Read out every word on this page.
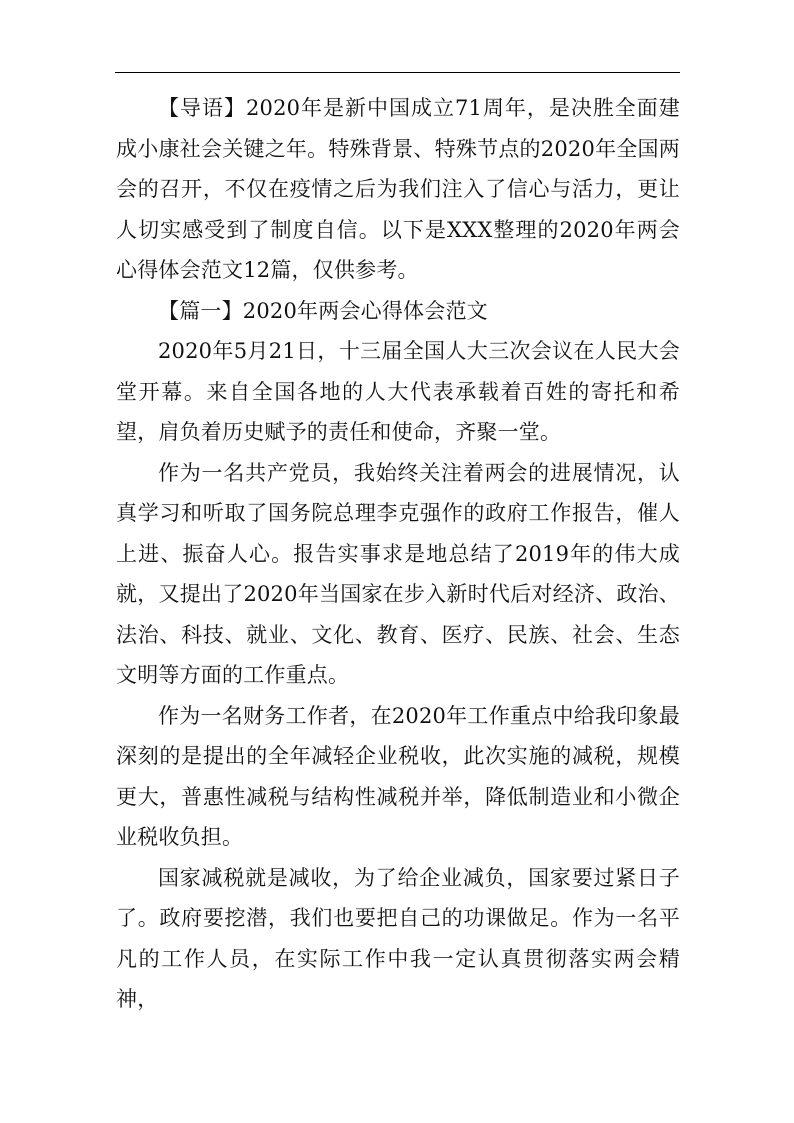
【导语】2020年是新中国成立71周年，是决胜全面建成小康社会关键之年。特殊背景、特殊节点的2020年全国两会的召开，不仅在疫情之后为我们注入了信心与活力，更让人切实感受到了制度自信。以下是XXX整理的2020年两会心得体会范文12篇，仅供参考。

【篇一】2020年两会心得体会范文

2020年5月21日，十三届全国人大三次会议在人民大会堂开幕。来自全国各地的人大代表承载着百姓的寄托和希望，肩负着历史赋予的责任和使命，齐聚一堂。

作为一名共产党员，我始终关注着两会的进展情况，认真学习和听取了国务院总理李克强作的政府工作报告，催人上进、振奋人心。报告实事求是地总结了2019年的伟大成就，又提出了2020年当国家在步入新时代后对经济、政治、法治、科技、就业、文化、教育、医疗、民族、社会、生态文明等方面的工作重点。

作为一名财务工作者，在2020年工作重点中给我印象最深刻的是提出的全年减轻企业税收，此次实施的减税，规模更大，普惠性减税与结构性减税并举，降低制造业和小微企业税收负担。

国家减税就是减收，为了给企业减负，国家要过紧日子了。政府要挖潜，我们也要把自己的功课做足。作为一名平凡的工作人员，在实际工作中我一定认真贯彻落实两会精神，
